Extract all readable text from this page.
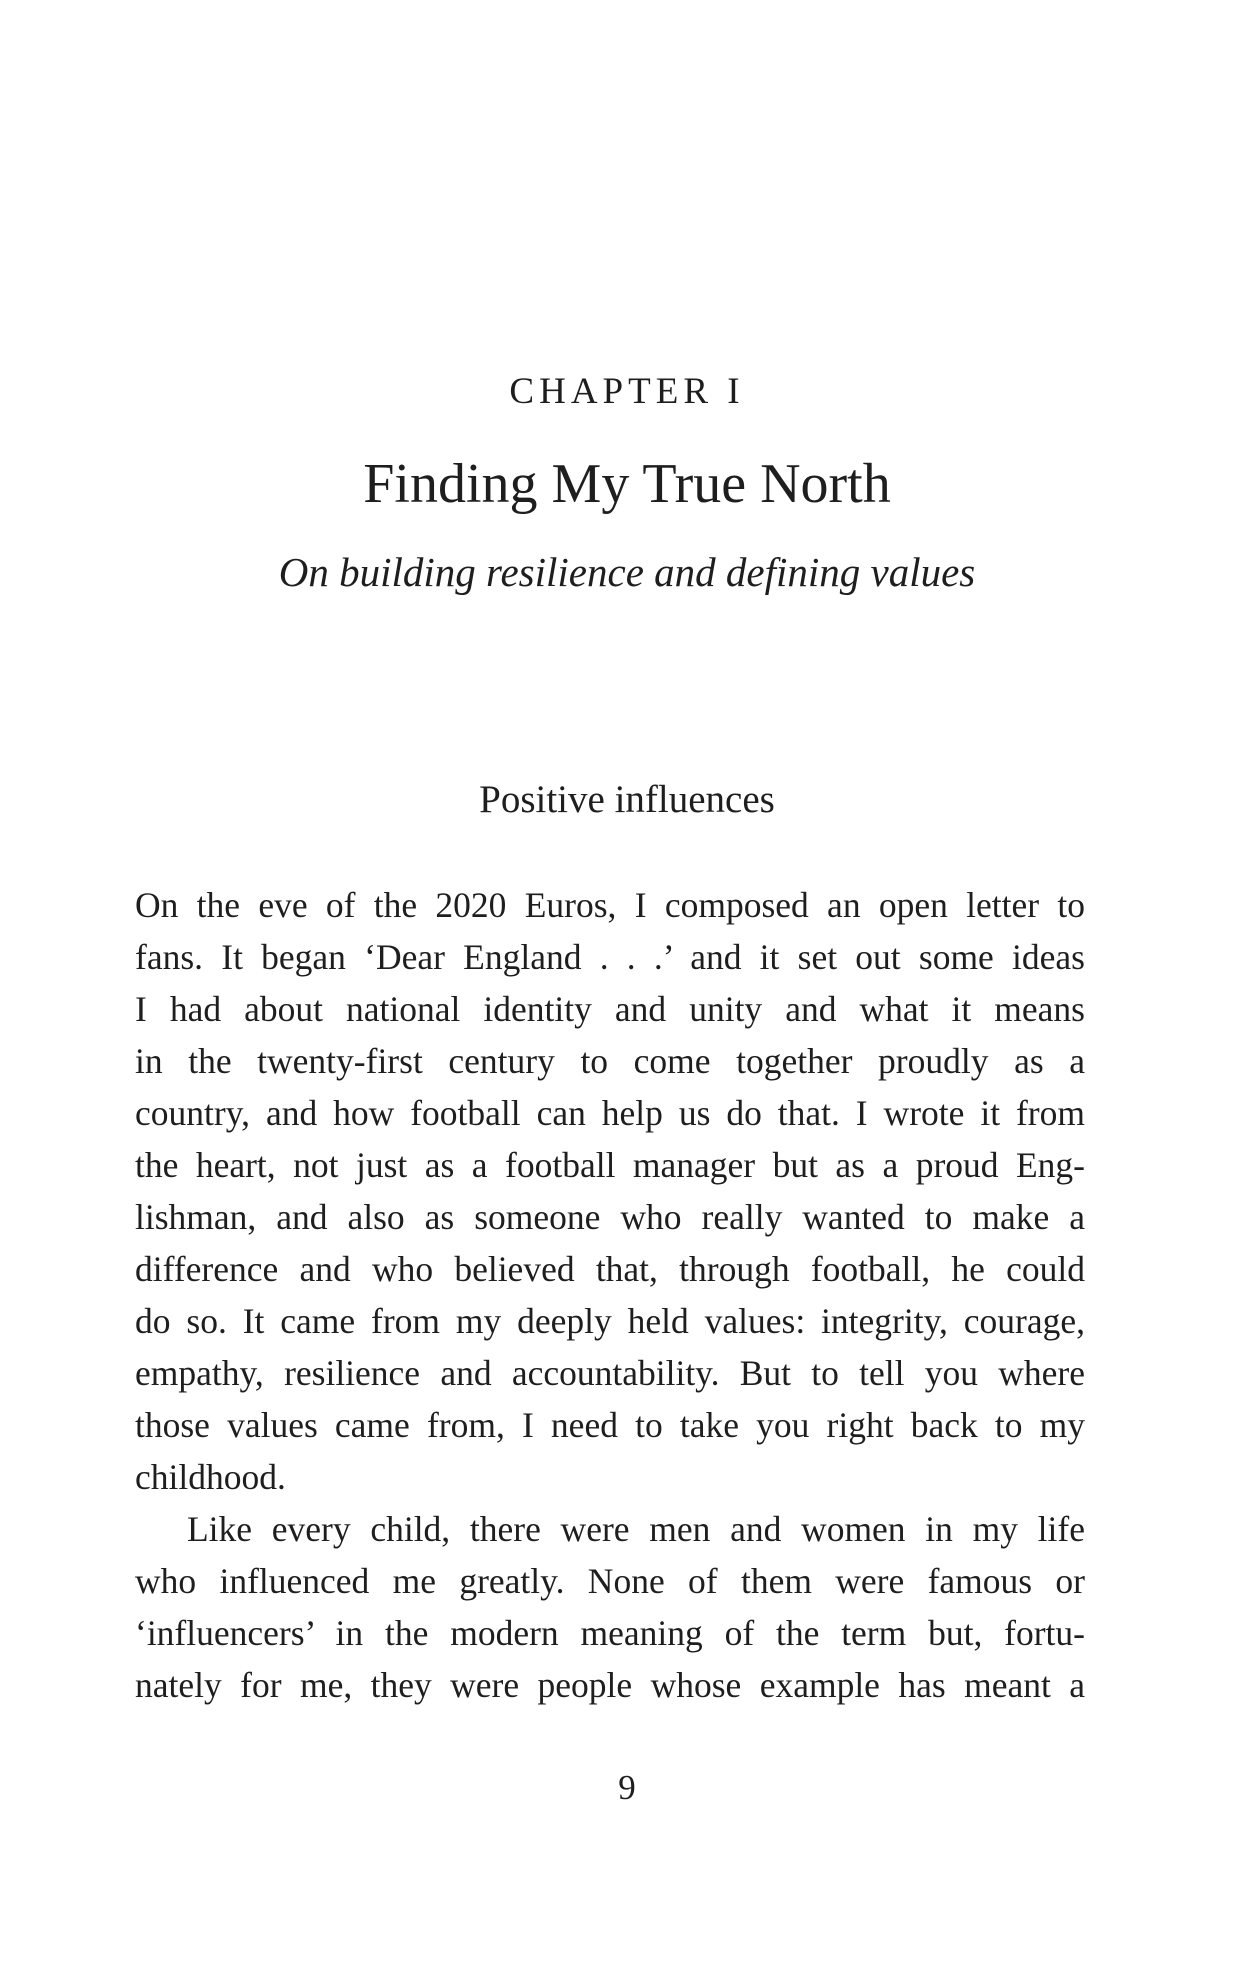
CHAPTER I
Finding My True North
On building resilience and defining values
Positive influences
On the eve of the 2020 Euros, I composed an open letter to
fans. It began ‘Dear England . . .’ and it set out some ideas
I had about national identity and unity and what it means
in the twenty-first century to come together proudly as a
country, and how football can help us do that. I wrote it from
the heart, not just as a football manager but as a proud Eng-
lishman, and also as someone who really wanted to make a
difference and who believed that, through football, he could
do so. It came from my deeply held values: integrity, courage,
empathy, resilience and accountability. But to tell you where
those values came from, I need to take you right back to my
childhood.
Like every child, there were men and women in my life
who influenced me greatly. None of them were famous or
‘influencers’ in the modern meaning of the term but, fortu-
nately for me, they were people whose example has meant a
9
